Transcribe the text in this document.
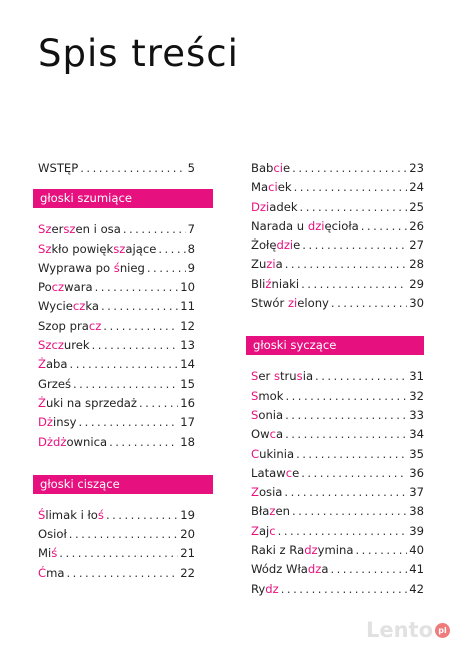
Spis treści
WSTĘP . . .	5
głoski szumiące
Szerszen i osa . . .	7
Szkło powiększające . . .	8
Wyprawa po śnieg . . .	9
Poczwara . . .	10
Wycieczka . . .	11
Szop pracz . . .	12
Szczurek . . .	13
Żaba . . .	14
Grześ . . .	15
Żuki na sprzedaż . . .	16
Dżinsy . . .	17
Dżdżownica . . .	18
głoski ciszące
Ślimak i łoś . . .	19
Osioł . . .	20
Miś . . .	21
Ćma . . .	22
Babcie . . .	23
Maciek . . .	24
Dziadek . . .	25
Narada u dzięcioła . . .	26
Żołędzie . . .	27
Zuzia . . .	28
Bliźniaki . . .	29
Stwór zielony . . .	30
głoski syczące
Ser strusia . . .	31
Smok . . .	32
Sonia . . .	33
Owca . . .	34
Cukinia . . .	35
Latawce . . .	36
Zosia . . .	37
Błazen . . .	38
Zajc . . .	39
Raki z Radzymina . . .	40
Wódz Władza . . .	41
Rydz . . .	42
Lento pl
